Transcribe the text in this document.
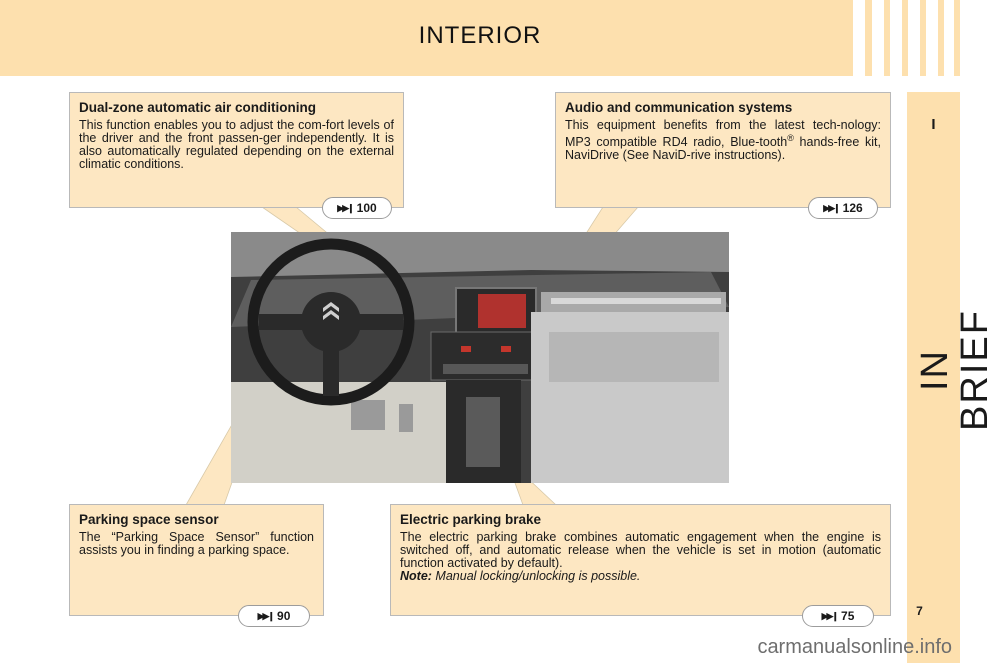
INTERIOR
I
IN BRIEF
7
Dual-zone automatic air conditioning

This function enables you to adjust the com-fort levels of the driver and the front passen-ger independently. It is also automatically regulated depending on the external climatic conditions.

▶▶❙ 100
Audio and communication systems

This equipment benefits from the latest tech-nology: MP3 compatible RD4 radio, Blue-tooth® hands-free kit, NaviDrive (See NaviD-rive instructions).

▶▶❙ 126
Parking space sensor

The “Parking Space Sensor” function assists you in finding a parking space.

▶▶❙ 90
Electric parking brake

The electric parking brake combines automatic engagement when the engine is switched off, and automatic release when the vehicle is set in motion (automatic function activated by default).

Note: Manual locking/unlocking is possible.

▶▶❙ 75
carmanualsonline.info
